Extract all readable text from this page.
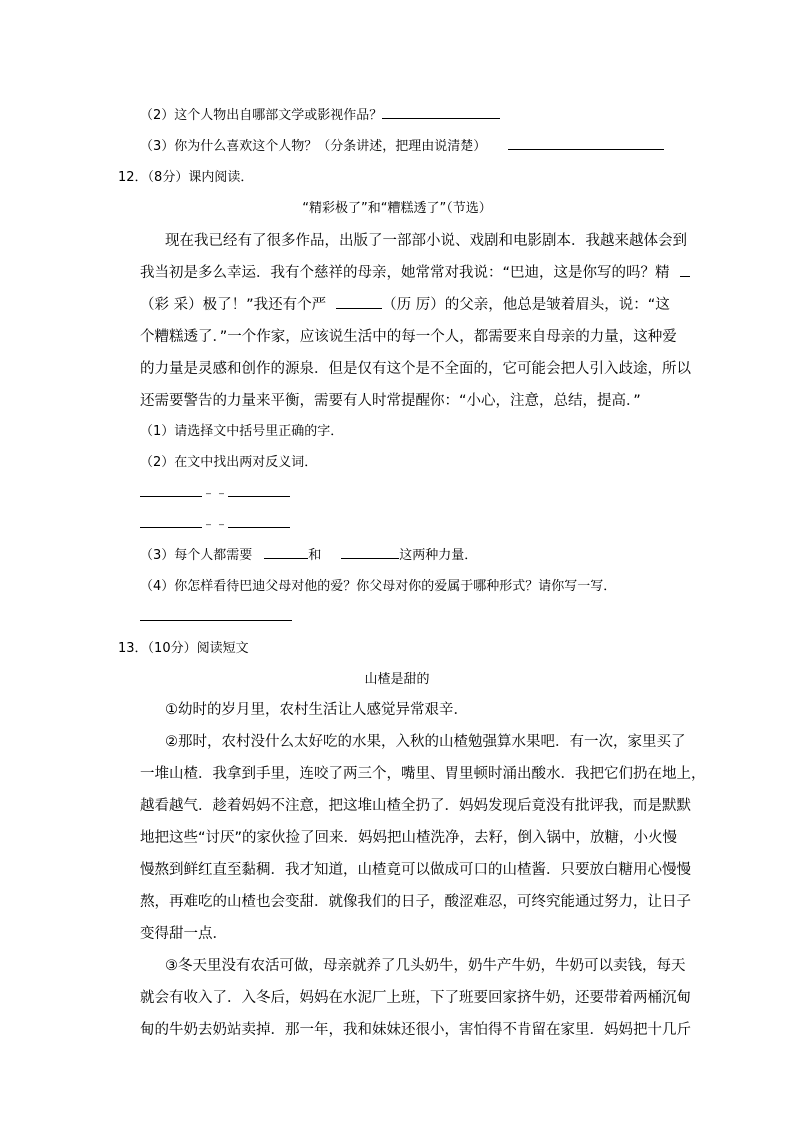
（2）这个人物出自哪部文学或影视作品？
（3）你为什么喜欢这个人物？（分条讲述，把理由说清楚）
12．（8分）课内阅读．
“精彩极了”和“糟糕透了”（节选）
现在我已经有了很多作品，出版了一部部小说、戏剧和电影剧本．我越来越体会到
我当初是多么幸运．我有个慈祥的母亲，她常常对我说：“巴迪，这是你写的吗？精
（彩 采）极了！”我还有个严	（历 厉）的父亲，他总是皱着眉头，说：“这
个糟糕透了．”一个作家，应该说生活中的每一个人，都需要来自母亲的力量，这种爱
的力量是灵感和创作的源泉．但是仅有这个是不全面的，它可能会把人引入歧途，所以
还需要警告的力量来平衡，需要有人时常提醒你：“小心，注意，总结，提高．”
（1）请选择文中括号里正确的字．
（2）在文中找出两对反义词．
﹣﹣
﹣﹣
（3）每个人都需要	和	这两种力量．
（4）你怎样看待巴迪父母对他的爱？你父母对你的爱属于哪种形式？请你写一写．
13．（10分）阅读短文
山楂是甜的
①幼时的岁月里，农村生活让人感觉异常艰辛．
②那时，农村没什么太好吃的水果，入秋的山楂勉强算水果吧．有一次，家里买了
一堆山楂．我拿到手里，连咬了两三个，嘴里、胃里顿时涌出酸水．我把它们扔在地上，
越看越气．趁着妈妈不注意，把这堆山楂全扔了．妈妈发现后竟没有批评我，而是默默
地把这些“讨厌”的家伙捡了回来．妈妈把山楂洗净，去籽，倒入锅中，放糖，小火慢
慢熬到鲜红直至黏稠．我才知道，山楂竟可以做成可口的山楂酱．只要放白糖用心慢慢
熬，再难吃的山楂也会变甜．就像我们的日子，酸涩难忍，可终究能通过努力，让日子
变得甜一点．
③冬天里没有农活可做，母亲就养了几头奶牛，奶牛产牛奶，牛奶可以卖钱，每天
就会有收入了．入冬后，妈妈在水泥厂上班，下了班要回家挤牛奶，还要带着两桶沉甸
甸的牛奶去奶站卖掉．那一年，我和妹妹还很小，害怕得不肯留在家里．妈妈把十几斤
